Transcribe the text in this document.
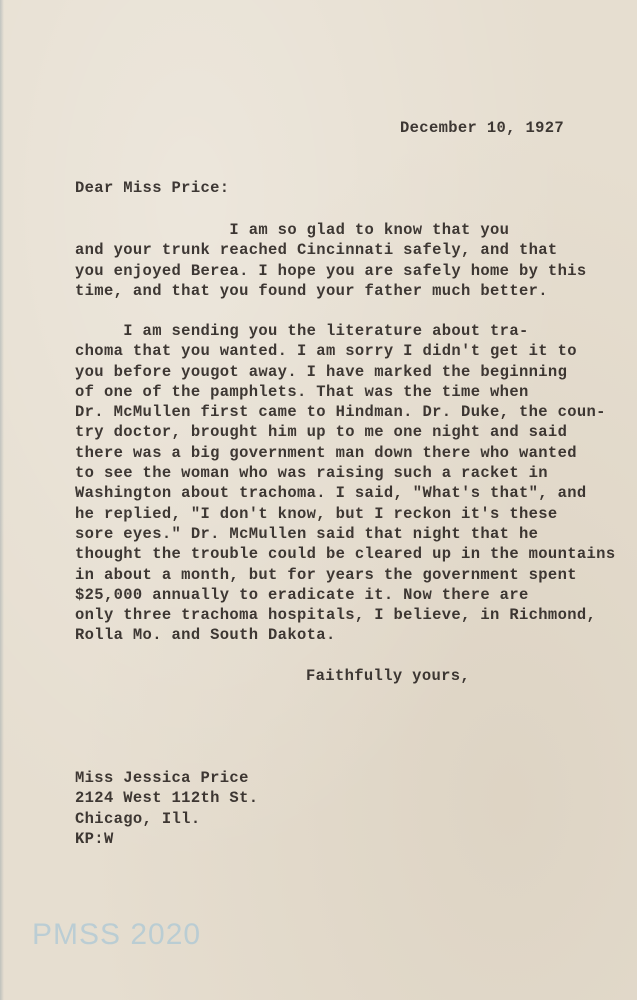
December 10, 1927
Dear Miss Price:
I am so glad to know that you
and your trunk reached Cincinnati safely, and that
you enjoyed Berea. I hope you are safely home by this
time, and that you found your father much better.
I am sending you the literature about tra-
choma that you wanted. I am sorry I didn't get it to
you before yougot away. I have marked the beginning
of one of the pamphlets. That was the time when
Dr. McMullen first came to Hindman. Dr. Duke, the coun-
try doctor, brought him up to me one night and said
there was a big government man down there who wanted
to see the woman who was raising such a racket in
Washington about trachoma. I said, "What's that", and
he replied, "I don't know, but I reckon it's these
sore eyes." Dr. McMullen said that night that he
thought the trouble could be cleared up in the mountains
in about a month, but for years the government spent
$25,000 annually to eradicate it. Now there are
only three trachoma hospitals, I believe, in Richmond,
Rolla Mo. and South Dakota.
Faithfully yours,
Miss Jessica Price
2124 West 112th St.
Chicago, Ill.
KP:W
PMSS 2020
